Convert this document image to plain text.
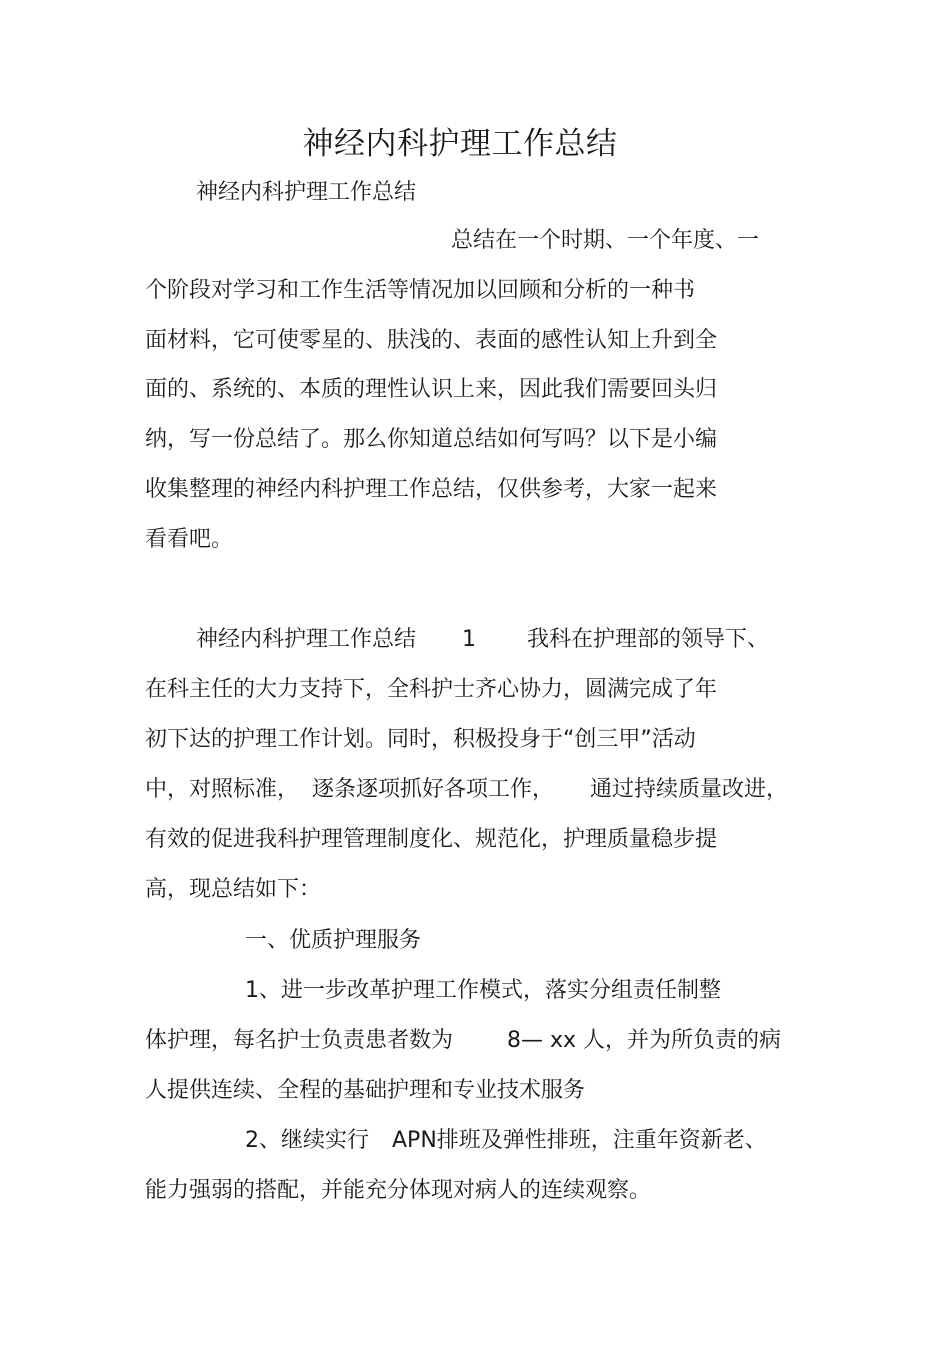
神经内科护理工作总结

神经内科护理工作总结

总结在一个时期、一个年度、一

个阶段对学习和工作生活等情况加以回顾和分析的一种书

面材料，它可使零星的、肤浅的、表面的感性认知上升到全

面的、系统的、本质的理性认识上来，因此我们需要回头归

纳，写一份总结了。那么你知道总结如何写吗？以下是小编

收集整理的神经内科护理工作总结，仅供参考，大家一起来

看看吧。

神经内科护理工作总结 1 我科在护理部的领导下、

在科主任的大力支持下，全科护士齐心协力，圆满完成了年

初下达的护理工作计划。同时，积极投身于“创三甲”活动

中，对照标准， 逐条逐项抓好各项工作， 通过持续质量改进，

有效的促进我科护理管理制度化、规范化，护理质量稳步提

高，现总结如下：

一、优质护理服务

1、进一步改革护理工作模式，落实分组责任制整

体护理，每名护士负责患者数为 8— xx 人，并为所负责的病

人提供连续、全程的基础护理和专业技术服务

2、继续实行 APN排班及弹性排班，注重年资新老、

能力强弱的搭配，并能充分体现对病人的连续观察。
